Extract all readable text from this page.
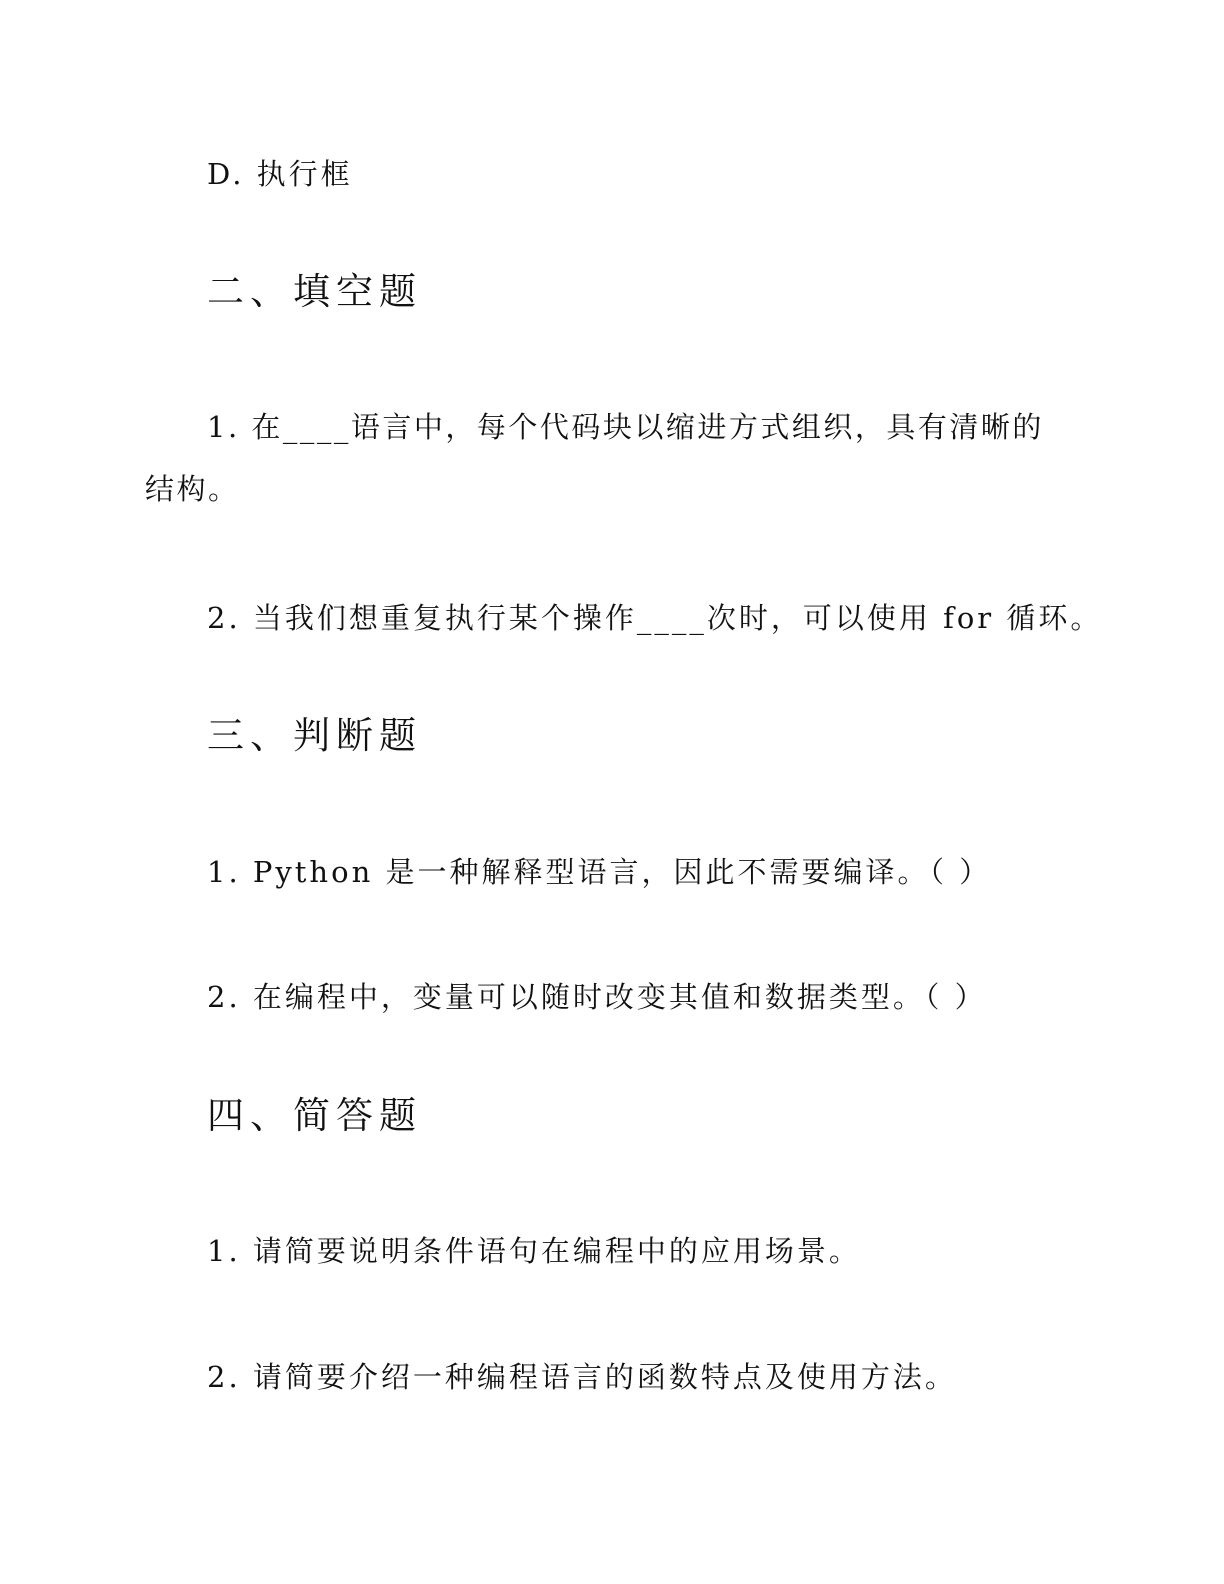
D. 执行框
二、填空题
1. 在____语言中，每个代码块以缩进方式组织，具有清晰的结构。
2. 当我们想重复执行某个操作____次时，可以使用 for 循环。
三、判断题
1. Python 是一种解释型语言，因此不需要编译。（ ）
2. 在编程中，变量可以随时改变其值和数据类型。（ ）
四、简答题
1. 请简要说明条件语句在编程中的应用场景。
2. 请简要介绍一种编程语言的函数特点及使用方法。
